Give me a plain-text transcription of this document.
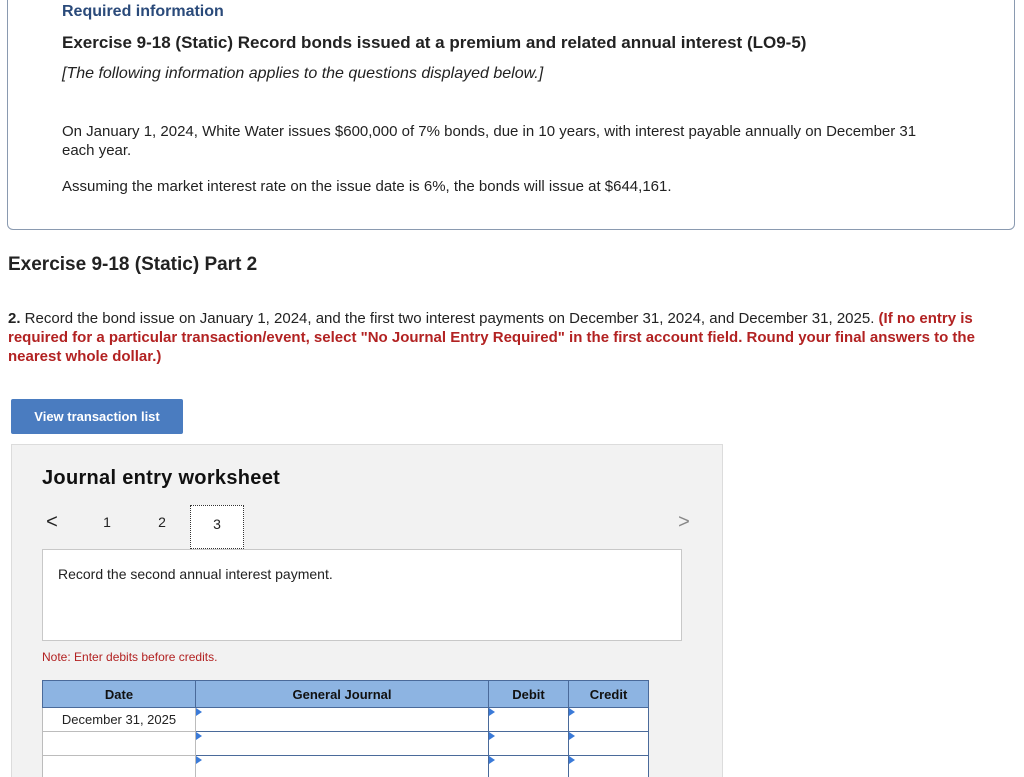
Required information
Exercise 9-18 (Static) Record bonds issued at a premium and related annual interest (LO9-5)
[The following information applies to the questions displayed below.]
On January 1, 2024, White Water issues $600,000 of 7% bonds, due in 10 years, with interest payable annually on December 31 each year.
Assuming the market interest rate on the issue date is 6%, the bonds will issue at $644,161.
Exercise 9-18 (Static) Part 2
2. Record the bond issue on January 1, 2024, and the first two interest payments on December 31, 2024, and December 31, 2025. (If no entry is required for a particular transaction/event, select "No Journal Entry Required" in the first account field. Round your final answers to the nearest whole dollar.)
View transaction list
Journal entry worksheet
<	1	2	3	>
Record the second annual interest payment.
Note: Enter debits before credits.
Date	General Journal	Debit	Credit
December 31, 2025	
